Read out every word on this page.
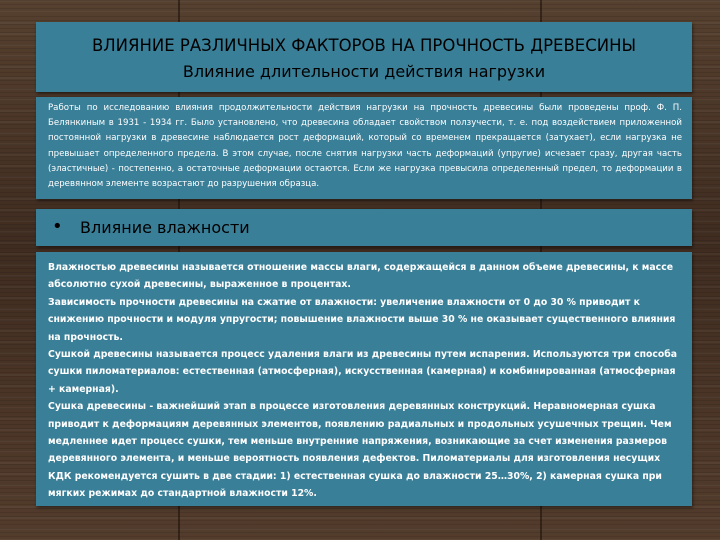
ВЛИЯНИЕ РАЗЛИЧНЫХ ФАКТОРОВ НА ПРОЧНОСТЬ ДРЕВЕСИНЫ
Влияние длительности действия нагрузки

Работы по исследованию влияния продолжительности действия нагрузки на прочность древесины были проведены проф. Ф. П. Белянкиным в 1931 - 1934 гг. Было установлено, что древесина обладает свойством ползучести, т. е. под воздействием приложенной постоянной нагрузки в древесине наблюдается рост деформаций, который со временем прекращается (затухает), если нагрузка не превышает определенного предела. В этом случае, после снятия нагрузки часть деформаций (упругие) исчезает сразу, другая часть (эластичные) - постепенно, а остаточные деформации остаются. Если же нагрузка превысила определенный предел, то деформации в деревянном элементе возрастают до разрушения образца.

• Влияние влажности

Влажностью древесины называется отношение массы влаги, содержащейся в данном объеме древесины, к массе абсолютно сухой древесины, выраженное в процентах.

Зависимость прочности древесины на сжатие от влажности: увеличение влажности от 0 до 30 % приводит к снижению прочности и модуля упругости; повышение влажности выше 30 % не оказывает существенного влияния на прочность.

Сушкой древесины называется процесс удаления влаги из древесины путем испарения. Используются три способа сушки пиломатериалов: естественная (атмосферная), искусственная (камерная) и комбинированная (атмосферная + камерная).

Сушка древесины - важнейший этап в процессе изготовления деревянных конструкций. Неравномерная сушка приводит к деформациям деревянных элементов, появлению радиальных и продольных усушечных трещин. Чем медленнее идет процесс сушки, тем меньше внутренние напряжения, возникающие за счет изменения размеров деревянного элемента, и меньше вероятность появления дефектов. Пиломатериалы для изготовления несущих КДК рекомендуется сушить в две стадии: 1) естественная сушка до влажности 25…30%, 2) камерная сушка при мягких режимах до стандартной влажности 12%.
